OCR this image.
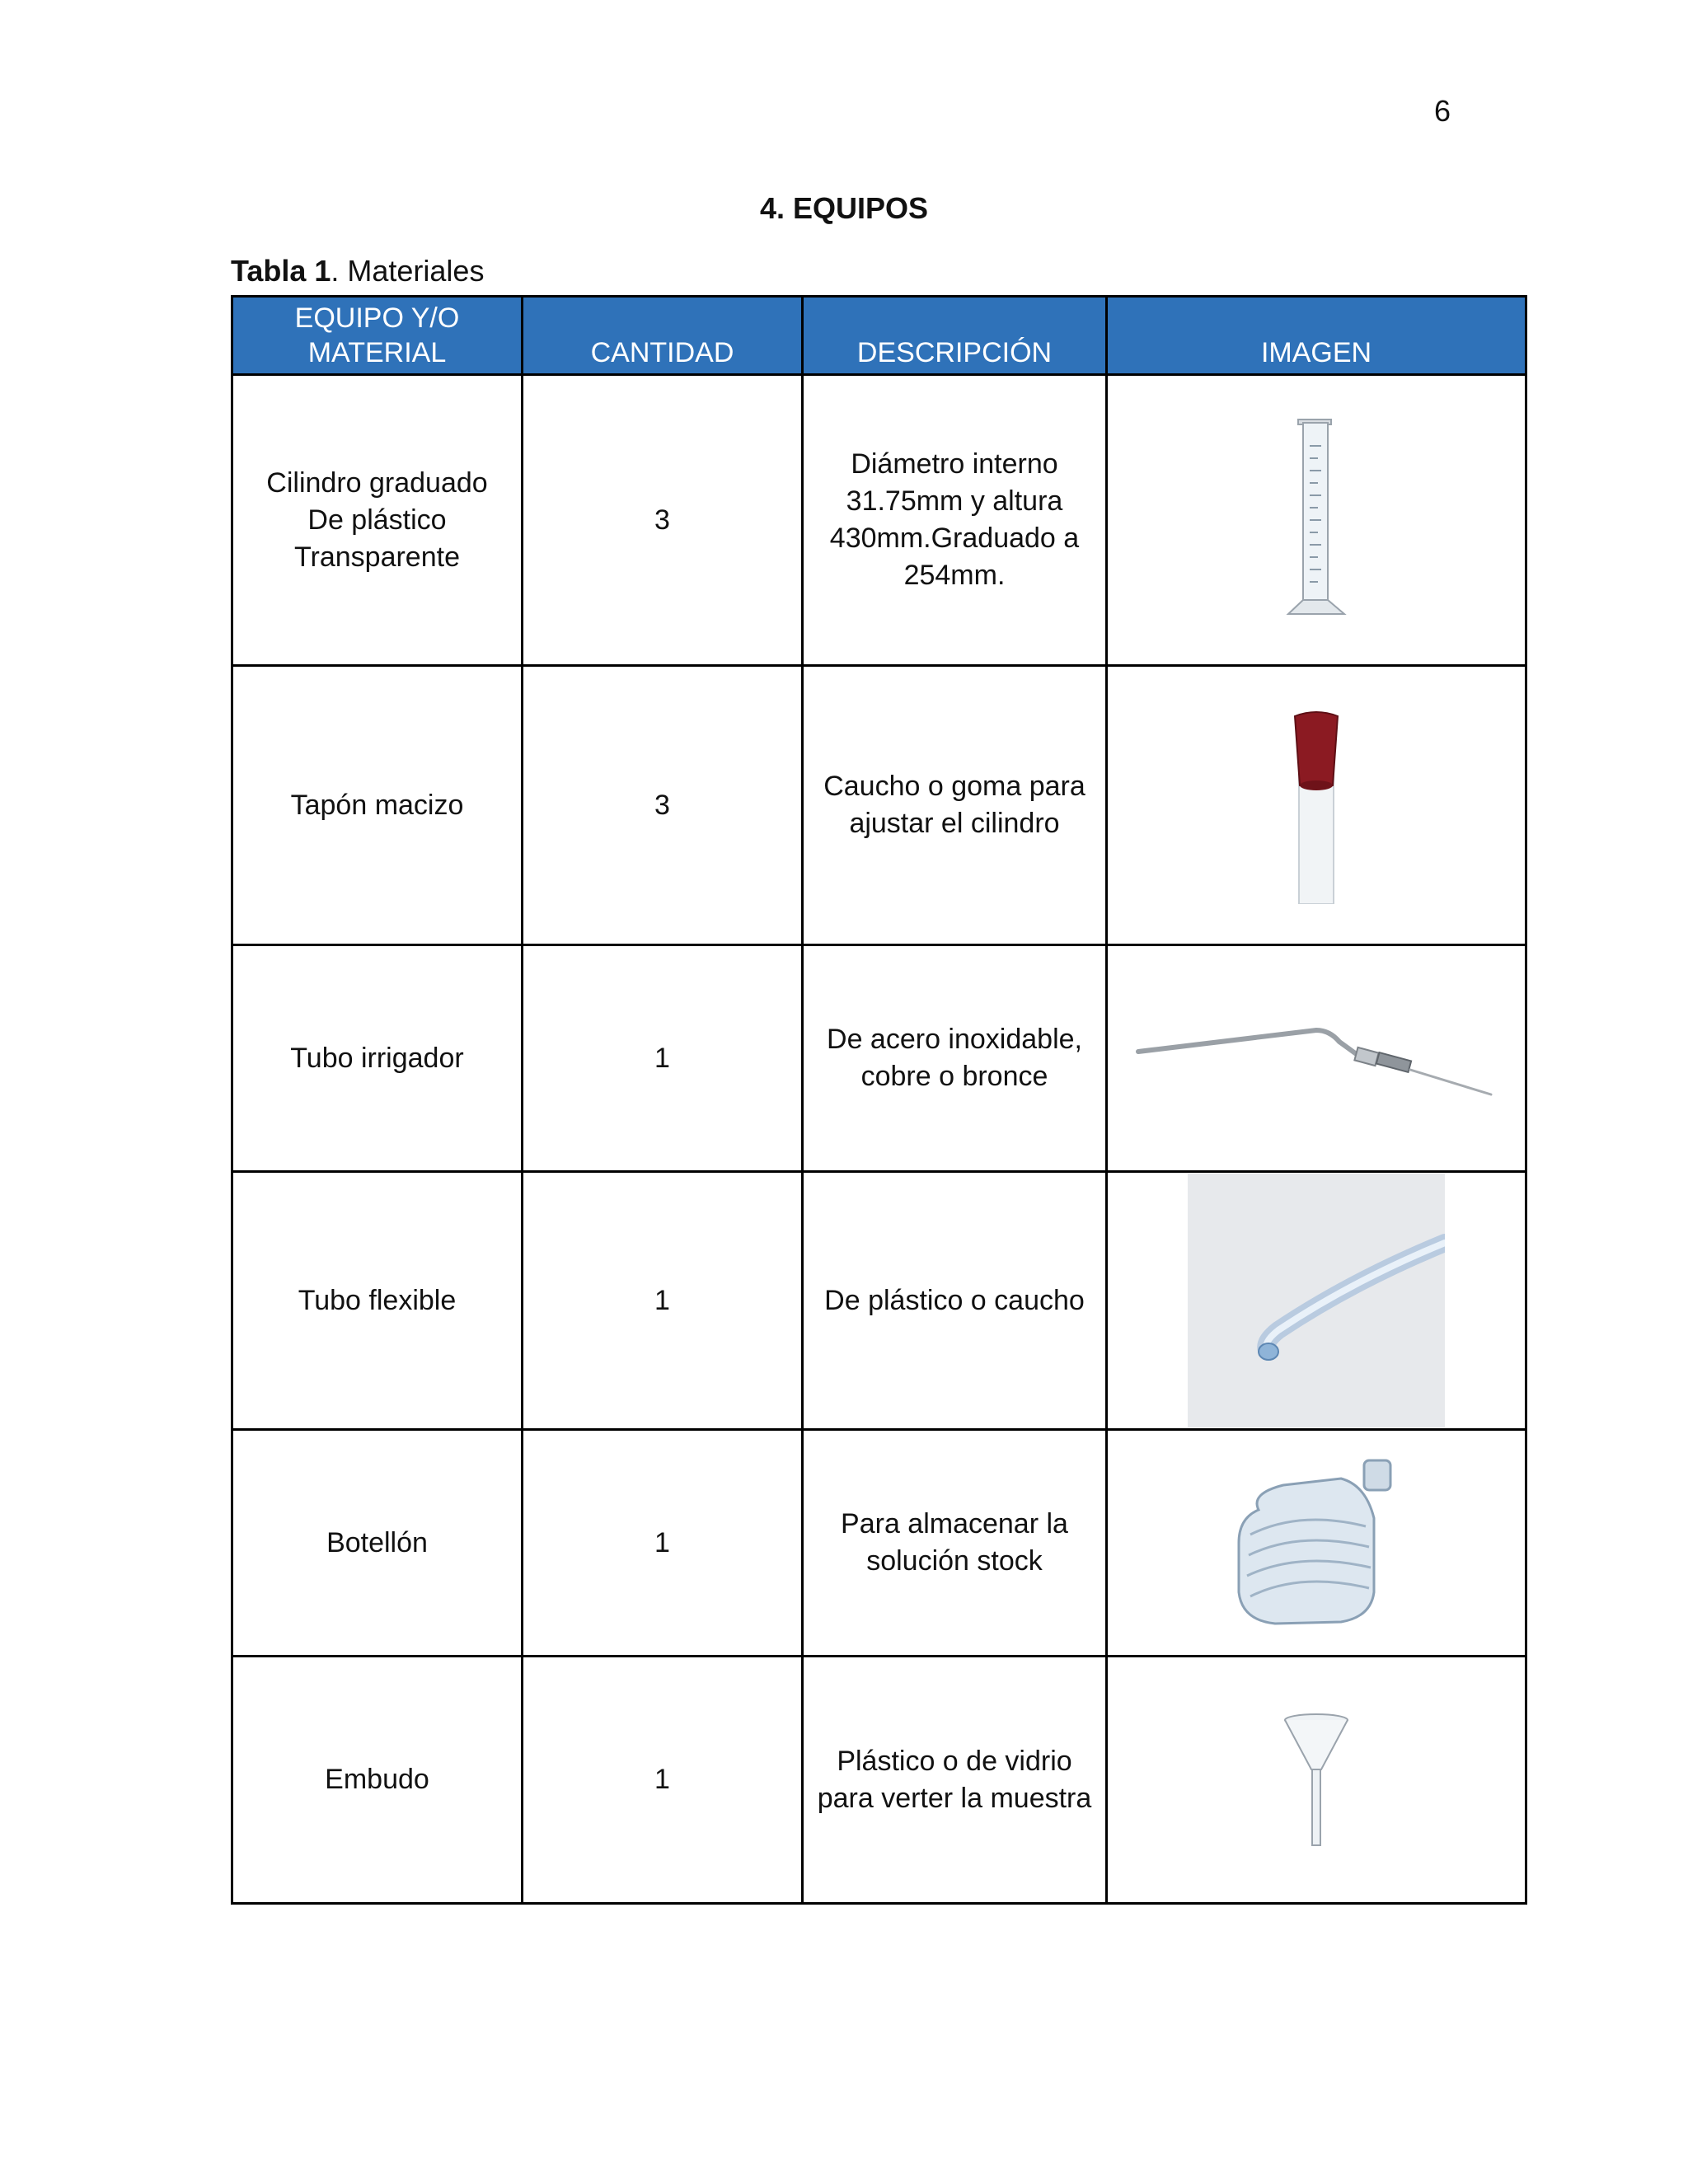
6
4. EQUIPOS
Tabla 1. Materiales
EQUIPO Y/O
MATERIAL	CANTIDAD	DESCRIPCIÓN	IMAGEN
Cilindro graduado
De plástico
Transparente	3	Diámetro interno
31.75mm y altura
430mm.Graduado a
254mm.	

Tapón macizo	3	Caucho o goma para
ajustar el cilindro	

Tubo irrigador	1	De acero inoxidable,
cobre o bronce	

Tubo flexible	1	De plástico o caucho	

Botellón	1	Para almacenar la
solución stock	

Embudo	1	Plástico o de vidrio
para verter la muestra	
